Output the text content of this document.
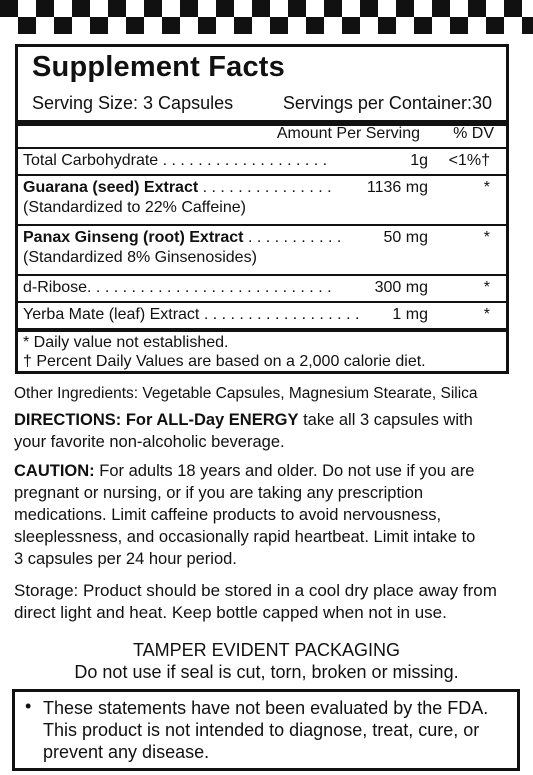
Supplement Facts
Serving Size: 3 Capsules	Servings per Container:30
Amount Per Serving % DV
Total Carbohydrate . . . . . . . . . . . . . . . . . . .	1g <1%†
Guarana (seed) Extract . . . . . . . . . . . . . . . 1136 mg	*
(Standardized to 22% Caffeine)
Panax Ginseng (root) Extract . . . . . . . . . . .	50 mg	*
(Standardized 8% Ginsenosides)
d-Ribose. . . . . . . . . . . . . . . . . . . . . . . . . . . .	300 mg	*
Yerba Mate (leaf) Extract . . . . . . . . . . . . . . . . . . 1 mg	*
* Daily value not established.
† Percent Daily Values are based on a 2,000 calorie diet.
Other Ingredients: Vegetable Capsules, Magnesium Stearate, Silica
DIRECTIONS: For ALL-Day ENERGY take all 3 capsules with your favorite non-alcoholic beverage.
CAUTION: For adults 18 years and older. Do not use if you are pregnant or nursing, or if you are taking any prescription medications. Limit caffeine products to avoid nervousness, sleeplessness, and occasionally rapid heartbeat. Limit intake to 3 capsules per 24 hour period.
Storage: Product should be stored in a cool dry place away from direct light and heat. Keep bottle capped when not in use.
TAMPER EVIDENT PACKAGING
Do not use if seal is cut, torn, broken or missing.
• These statements have not been evaluated by the FDA. This product is not intended to diagnose, treat, cure, or prevent any disease.
